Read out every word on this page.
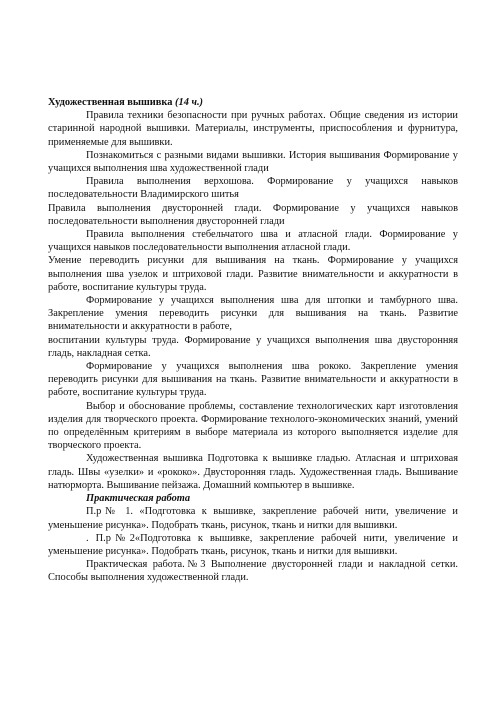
Художественная вышивка (14 ч.)

Правила техники безопасности при ручных работах. Общие сведения из истории старинной народной вышивки. Материалы, инструменты, приспособления и фурнитура, применяемые для вышивки.

Познакомиться с разными видами вышивки. История вышивания Формирование у учащихся выполнения шва художественной глади

Правила выполнения верхошова. Формирование у учащихся навыков последовательности Владимирского шитья

Правила выполнения двусторонней глади. Формирование у учащихся навыков последовательности выполнения двусторонней глади

Правила выполнения стебельчатого шва и атласной глади. Формирование у учащихся навыков последовательности выполнения атласной глади.

Умение переводить рисунки для вышивания на ткань. Формирование у учащихся выполнения шва узелок и штриховой глади. Развитие внимательности и аккуратности в работе, воспитание культуры труда.

Формирование у учащихся выполнения шва для штопки и тамбурного шва. Закрепление умения переводить рисунки для вышивания на ткань. Развитие внимательности и аккуратности в работе,

воспитании культуры труда. Формирование у учащихся выполнения шва двусторонняя гладь, накладная сетка.

Формирование у учащихся выполнения шва рококо. Закрепление умения переводить рисунки для вышивания на ткань. Развитие внимательности и аккуратности в работе, воспитание культуры труда.

Выбор и обоснование проблемы, составление технологических карт изготовления изделия для творческого проекта. Формирование технолого-экономических знаний, умений по определённым критериям в выборе материала из которого выполняется изделие для творческого проекта.

Художественная вышивка Подготовка к вышивке гладью. Атласная и штриховая гладь. Швы «узелки» и «рококо». Двусторонняя гладь. Художественная гладь. Вышивание натюрморта. Вышивание пейзажа. Домашний компьютер в вышивке.

Практическая работа

П.р№ 1. «Подготовка к вышивке, закрепление рабочей нити, увеличение и уменьшение рисунка». Подобрать ткань, рисунок, ткань и нитки для вышивки.

. П.р№2«Подготовка к вышивке, закрепление рабочей нити, увеличение и уменьшение рисунка». Подобрать ткань, рисунок, ткань и нитки для вышивки.

Практическая работа.№3 Выполнение двусторонней глади и накладной сетки. Способы выполнения художественной глади.
